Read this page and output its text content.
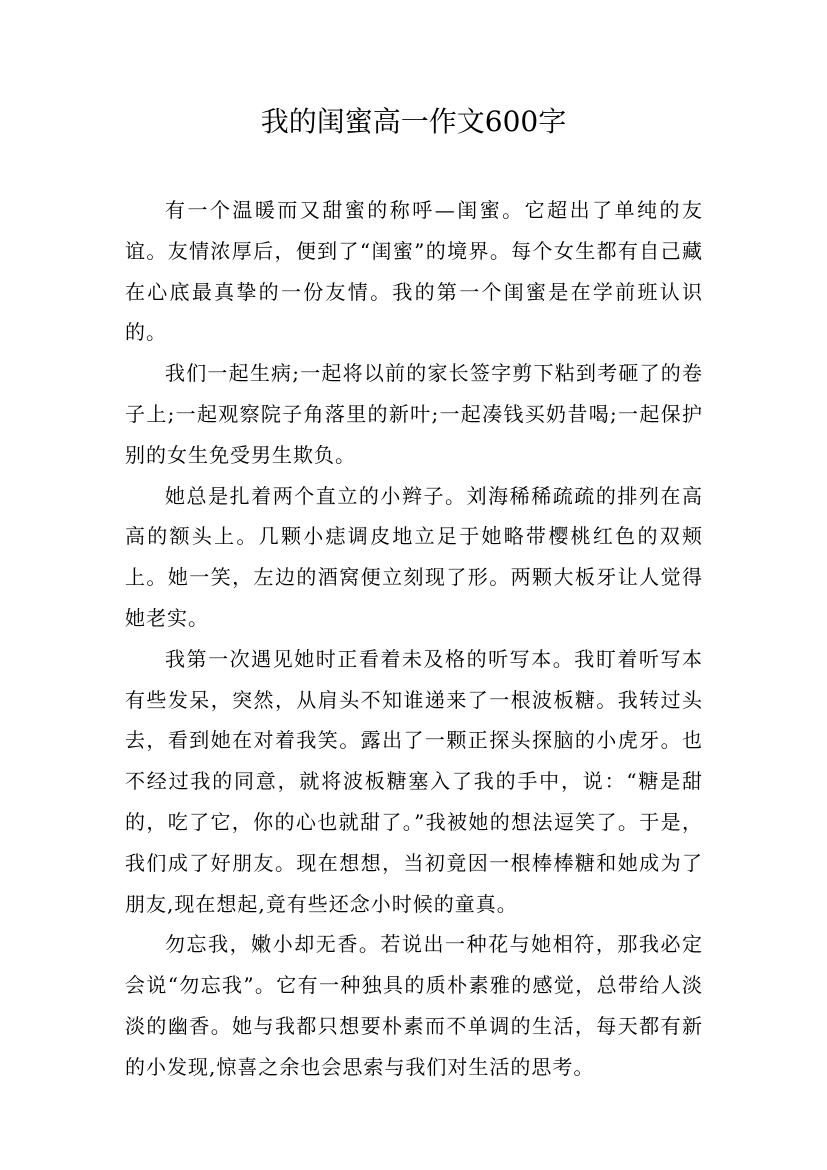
我的闺蜜高一作文600字

有一个温暖而又甜蜜的称呼—闺蜜。它超出了单纯的友谊。友情浓厚后，便到了“闺蜜”的境界。每个女生都有自己藏在心底最真挚的一份友情。我的第一个闺蜜是在学前班认识的。

我们一起生病;一起将以前的家长签字剪下粘到考砸了的卷子上;一起观察院子角落里的新叶;一起凑钱买奶昔喝;一起保护别的女生免受男生欺负。

她总是扎着两个直立的小辫子。刘海稀稀疏疏的排列在高高的额头上。几颗小痣调皮地立足于她略带樱桃红色的双颊上。她一笑，左边的酒窝便立刻现了形。两颗大板牙让人觉得她老实。

我第一次遇见她时正看着未及格的听写本。我盯着听写本有些发呆，突然，从肩头不知谁递来了一根波板糖。我转过头去，看到她在对着我笑。露出了一颗正探头探脑的小虎牙。也不经过我的同意，就将波板糖塞入了我的手中，说：“糖是甜的，吃了它，你的心也就甜了。”我被她的想法逗笑了。于是，我们成了好朋友。现在想想，当初竟因一根棒棒糖和她成为了朋友,现在想起,竟有些还念小时候的童真。

勿忘我，嫩小却无香。若说出一种花与她相符，那我必定会说“勿忘我”。它有一种独具的质朴素雅的感觉，总带给人淡淡的幽香。她与我都只想要朴素而不单调的生活，每天都有新的小发现,惊喜之余也会思索与我们对生活的思考。
